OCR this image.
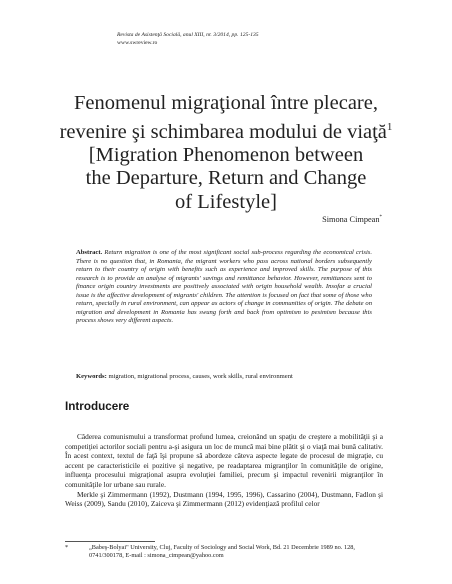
Revista de Asistenţă Socială, anul XIII, nr. 3/2014, pp. 125-135
www.swreview.ro
Fenomenul migraţional între plecare,
revenire şi schimbarea modului de viaţă$^1$
[Migration Phenomenon between
the Departure, Return and Change
of Lifestyle]
Simona Cimpean*
Abstract. Return migration is one of the most significant social sub-process regarding the economical crisis. There is no question that, in Romania, the migrant workers who pass across national borders subsequently return to their country of origin with benefits such as experience and improved skills. The purpose of this research is to provide an analyse of migrants' savings and remittance behavior. However, remittances sent to finance origin country investments are positively associated with origin household wealth. Insofar a crucial issue is the affective development of migrants' children. The attention is focused on fact that some of those who return, specially in rural environment, can appear as actors of change in communities of origin. The debate on migration and development in Romania has swung forth and back from optimism to pesimism because this process shows very different aspects.
Keywords: migration, migrational process, causes, work skills, rural environment
Introducere

Căderea comunismului a transformat profund lumea, creionând un spaţiu de creştere a mobilităţii şi a competiţiei actorilor sociali pentru a-şi asigura un loc de muncă mai bine plătit şi o viaţă mai bună calitativ. În acest context, textul de faţă îşi propune să abordeze câteva aspecte legate de procesul de migraţie, cu accent pe caracteristicile ei pozitive şi negative, pe readaptarea migranţilor în comunităţile de origine, influenţa procesului migraţional asupra evoluţiei familiei, precum şi impactul revenirii migranţilor în comunităţile lor urbane sau rurale.

Merkle şi Zimmermann (1992), Dustmann (1994, 1995, 1996), Cassarino (2004), Dustmann, Fadlon şi Weiss (2009), Sandu (2010), Zaiceva şi Zimmermann (2012) evidenţiază profilul celor

*	„Babeş-Bolyai" University, Cluj, Faculty of Sociology and Social Work, Bd. 21 Decembrie 1989 no. 128, 0741/300178, E-mail : simona_cimpean@yahoo.com
